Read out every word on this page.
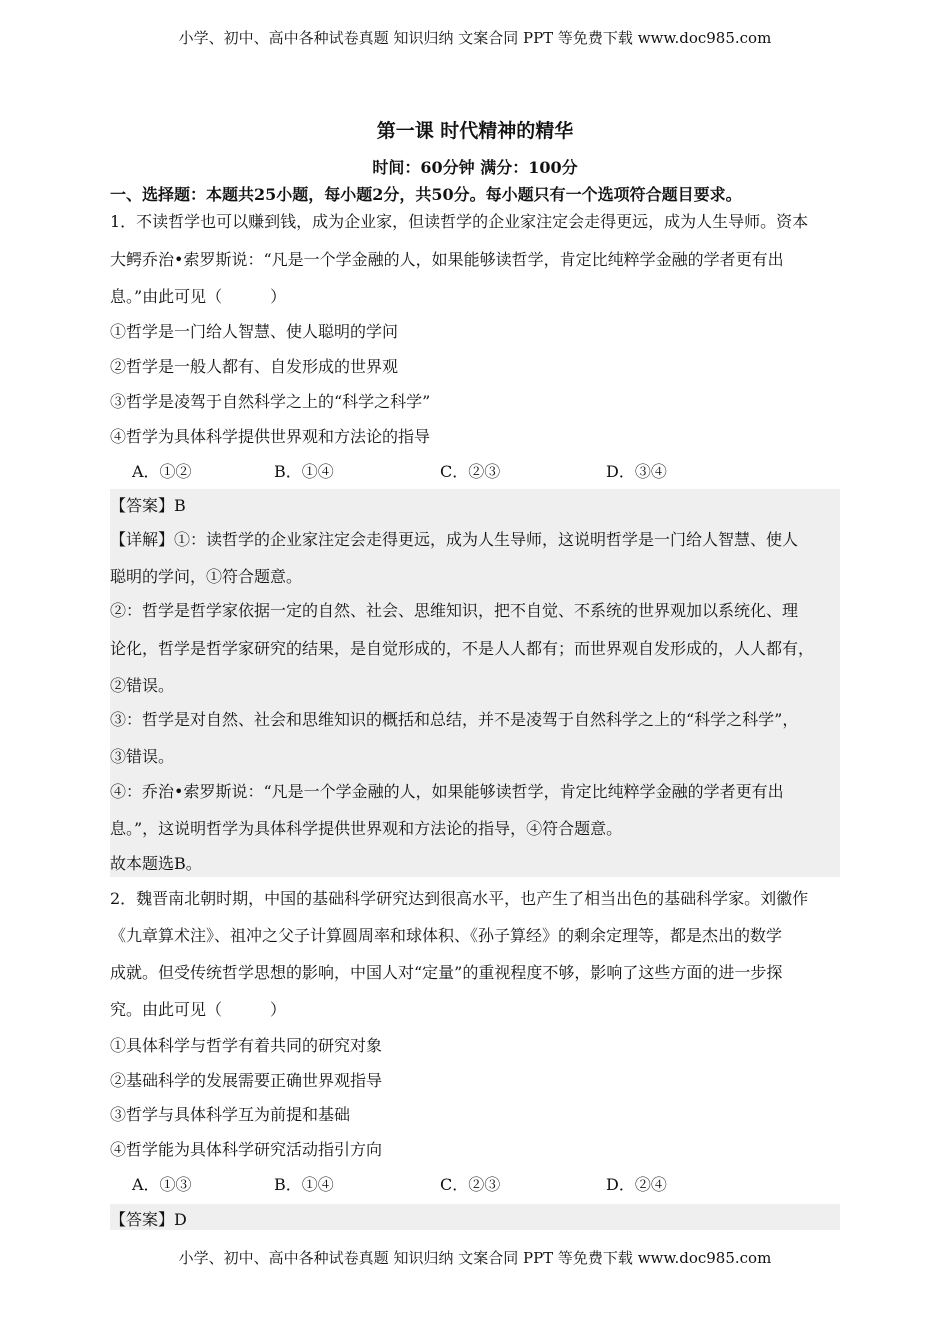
小学、初中、高中各种试卷真题 知识归纳 文案合同 PPT 等免费下载 www.doc985.com
第一课 时代精神的精华
时间：60分钟 满分：100分
一、选择题：本题共25小题，每小题2分，共50分。每小题只有一个选项符合题目要求。
1．不读哲学也可以赚到钱，成为企业家，但读哲学的企业家注定会走得更远，成为人生导师。资本
大鳄乔治•索罗斯说：“凡是一个学金融的人，如果能够读哲学，肯定比纯粹学金融的学者更有出
息。”由此可见（　　　）
①哲学是一门给人智慧、使人聪明的学问
②哲学是一般人都有、自发形成的世界观
③哲学是凌驾于自然科学之上的“科学之科学”
④哲学为具体科学提供世界观和方法论的指导
A．①②	B．①④	C．②③	D．③④
【答案】B
【详解】①：读哲学的企业家注定会走得更远，成为人生导师，这说明哲学是一门给人智慧、使人
聪明的学问，①符合题意。
②：哲学是哲学家依据一定的自然、社会、思维知识，把不自觉、不系统的世界观加以系统化、理
论化，哲学是哲学家研究的结果，是自觉形成的，不是人人都有；而世界观自发形成的，人人都有，
②错误。
③：哲学是对自然、社会和思维知识的概括和总结，并不是凌驾于自然科学之上的“科学之科学”，
③错误。
④：乔治•索罗斯说：“凡是一个学金融的人，如果能够读哲学，肯定比纯粹学金融的学者更有出
息。”，这说明哲学为具体科学提供世界观和方法论的指导，④符合题意。
故本题选B。
2．魏晋南北朝时期，中国的基础科学研究达到很高水平，也产生了相当出色的基础科学家。刘徽作
《九章算术注》、祖冲之父子计算圆周率和球体积、《孙子算经》的剩余定理等，都是杰出的数学
成就。但受传统哲学思想的影响，中国人对“定量”的重视程度不够，影响了这些方面的进一步探
究。由此可见（　　　）
①具体科学与哲学有着共同的研究对象
②基础科学的发展需要正确世界观指导
③哲学与具体科学互为前提和基础
④哲学能为具体科学研究活动指引方向
A．①③	B．①④	C．②③	D．②④
【答案】D
小学、初中、高中各种试卷真题 知识归纳 文案合同 PPT 等免费下载 www.doc985.com
